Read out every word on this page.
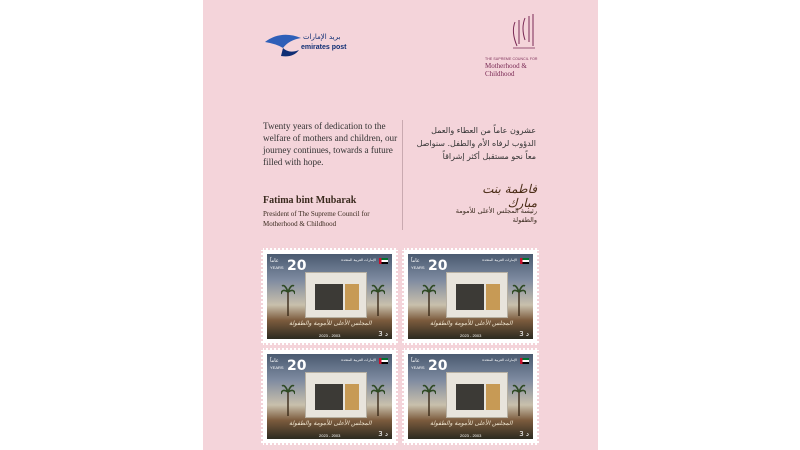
بريد الإمارات
emirates post
THE SUPREME COUNCIL FOR
Motherhood & Childhood
Twenty years of dedication to the welfare of mothers and children, our journey continues, towards a future filled with hope.
عشرون عاماً من العطاء والعمل الدؤوب لرفاه الأم والطفل. سنواصل معاً نحو مستقبل أكثر إشراقاً
Fatima bint Mubarak
President of The Supreme Council for Motherhood & Childhood
فاطمة بنت مبارك
رئيسة المجلس الأعلى للأمومة والطفولة
عاماً
YEARS 20	الإمارات العربية المتحدة
المجلس الأعلى للأمومة والطفولة
2023 - 2003	3 د
عاماً
YEARS 20	الإمارات العربية المتحدة
المجلس الأعلى للأمومة والطفولة
2023 - 2003	3 د
عاماً
YEARS 20	الإمارات العربية المتحدة
المجلس الأعلى للأمومة والطفولة
2023 - 2003	3 د
عاماً
YEARS 20	الإمارات العربية المتحدة
المجلس الأعلى للأمومة والطفولة
2023 - 2003	3 د
